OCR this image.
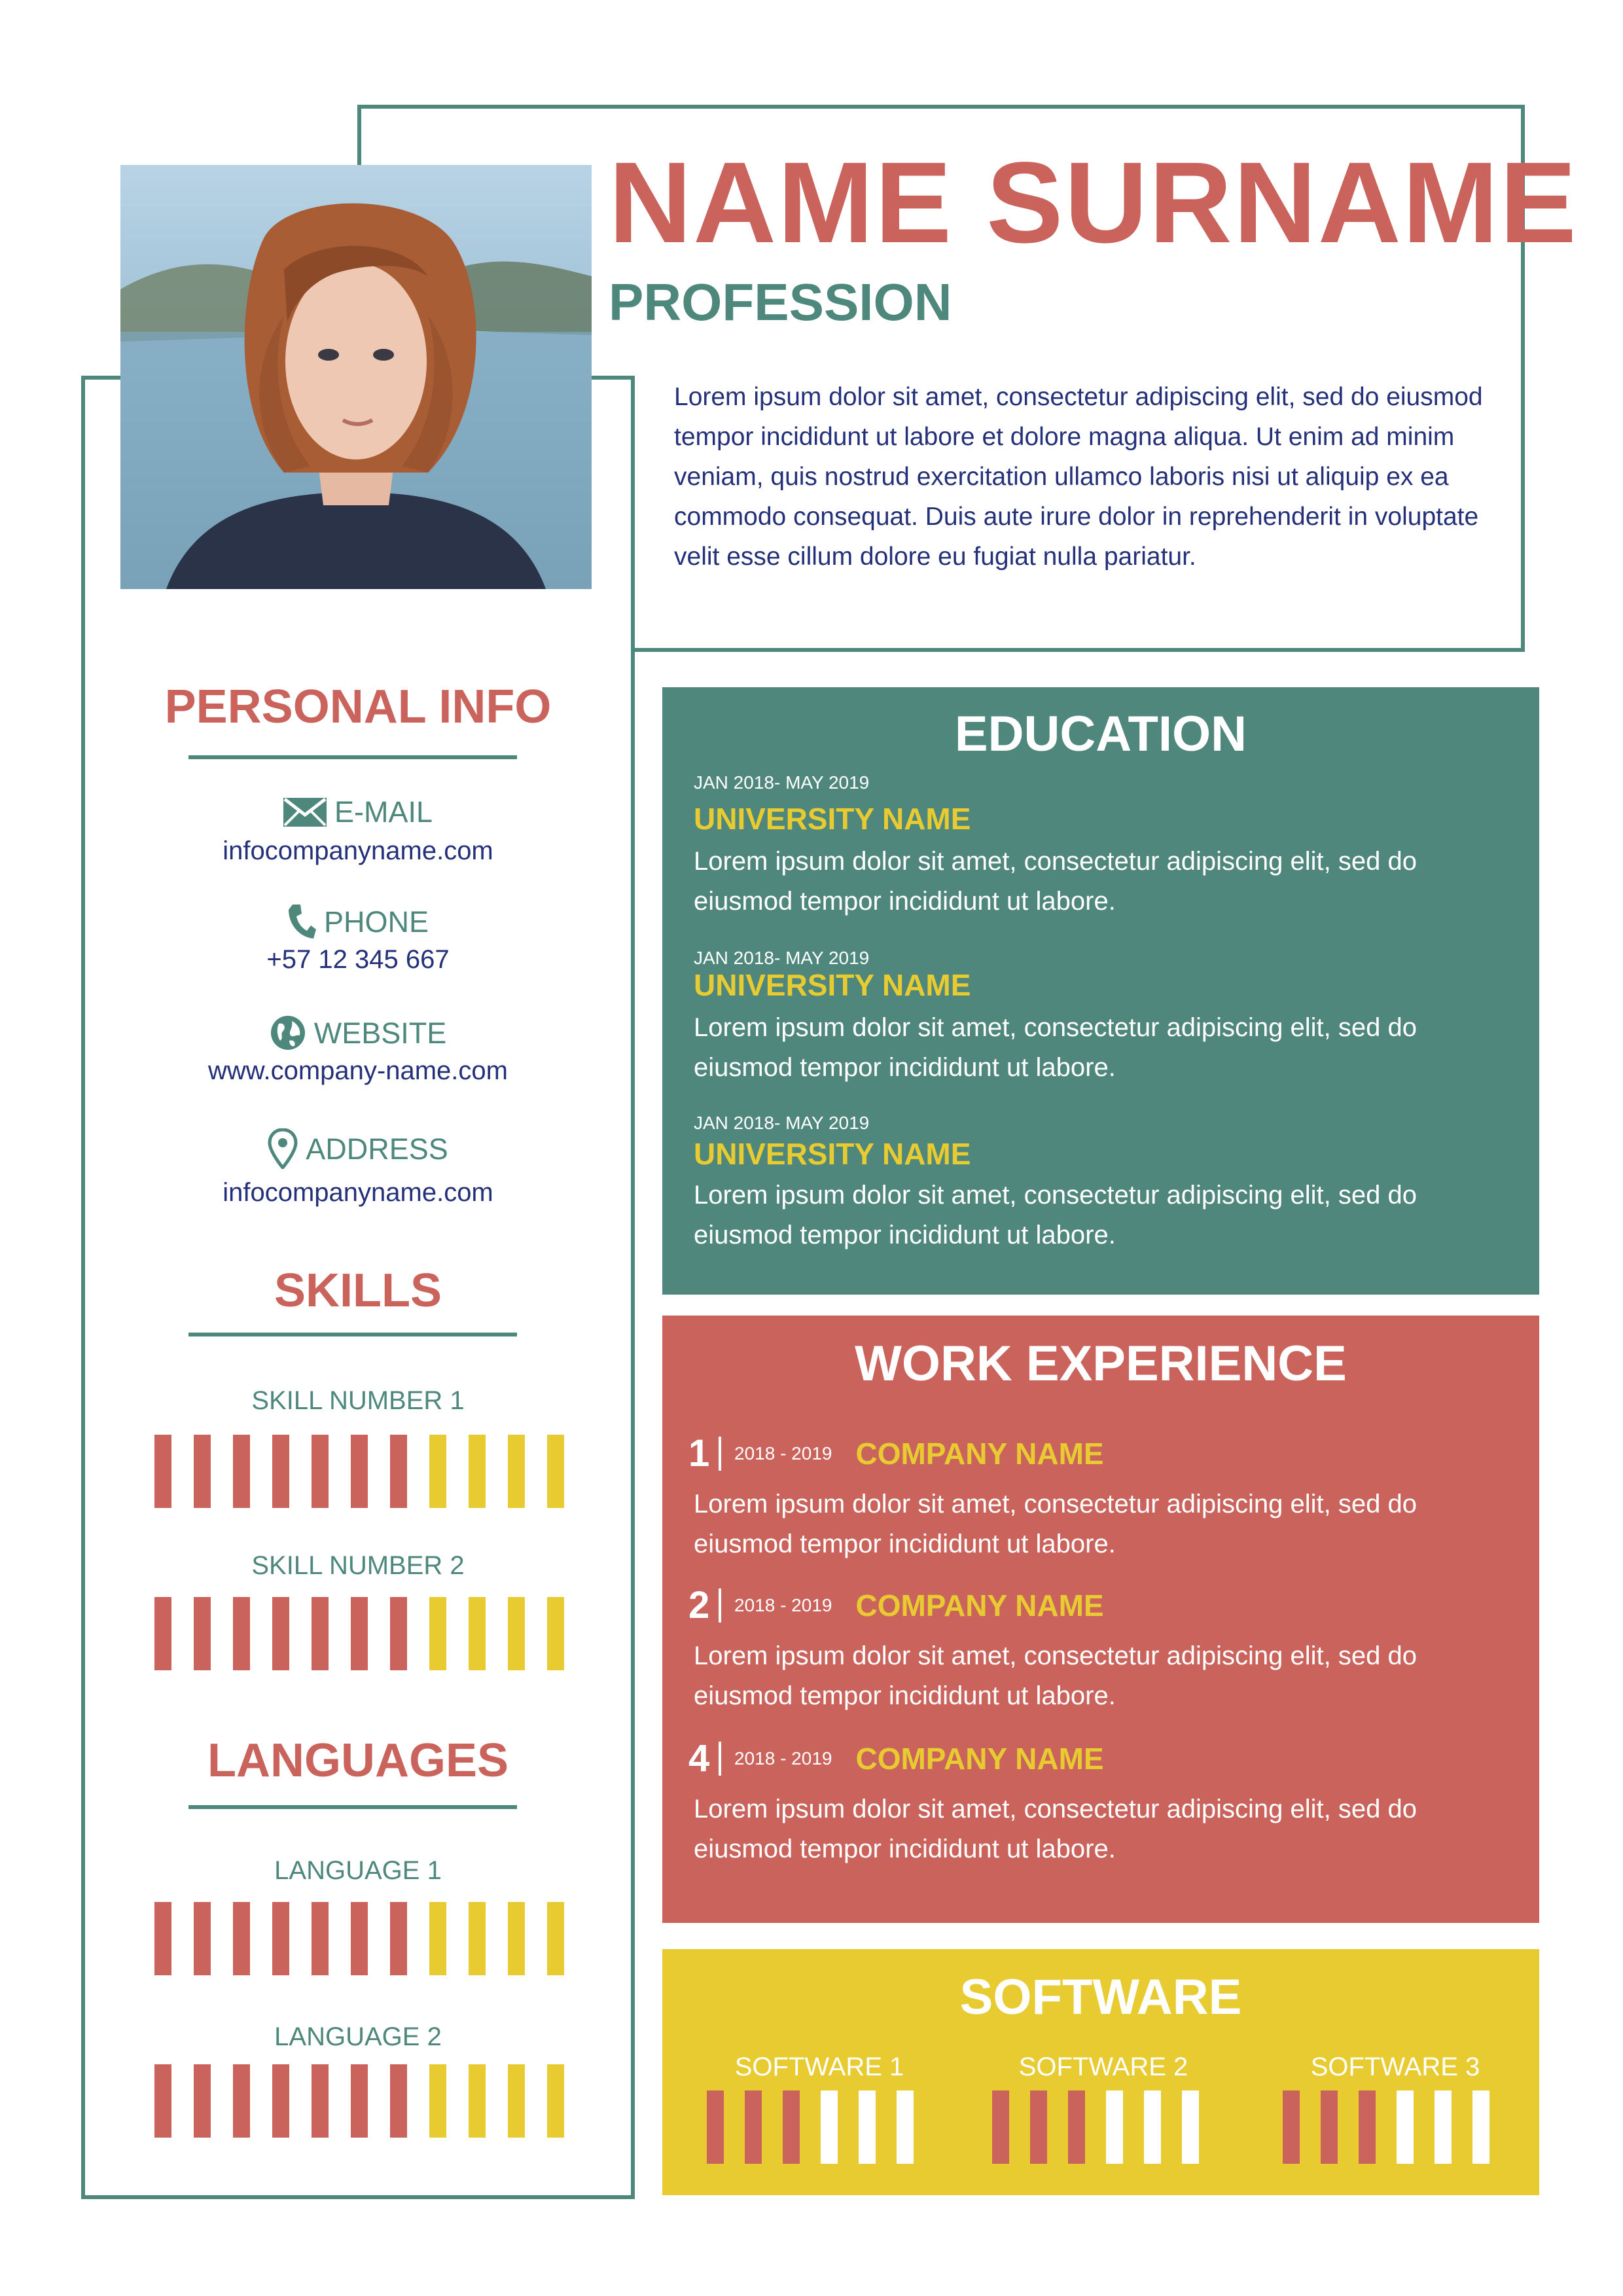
NAME SURNAME
PROFESSION
Lorem ipsum dolor sit amet, consectetur adipiscing elit, sed do eiusmod tempor incididunt ut labore et dolore magna aliqua. Ut enim ad minim veniam, quis nostrud exercitation ullamco laboris nisi ut aliquip ex ea commodo consequat. Duis aute irure dolor in reprehenderit in voluptate velit esse cillum dolore eu fugiat nulla pariatur.
PERSONAL INFO
E-MAIL
infocompanyname.com
PHONE
+57 12 345 667
WEBSITE
www.company-name.com
ADDRESS
infocompanyname.com
SKILLS
SKILL NUMBER 1
SKILL NUMBER 2
LANGUAGES
LANGUAGE 1
LANGUAGE 2
EDUCATION
JAN 2018- MAY 2019
UNIVERSITY NAME
Lorem ipsum dolor sit amet, consectetur adipiscing elit, sed do eiusmod tempor incididunt ut labore.
JAN 2018- MAY 2019
UNIVERSITY NAME
Lorem ipsum dolor sit amet, consectetur adipiscing elit, sed do eiusmod tempor incididunt ut labore.
JAN 2018- MAY 2019
UNIVERSITY NAME
Lorem ipsum dolor sit amet, consectetur adipiscing elit, sed do eiusmod tempor incididunt ut labore.
WORK EXPERIENCE
1 2018 - 2019 COMPANY NAME
Lorem ipsum dolor sit amet, consectetur adipiscing elit, sed do eiusmod tempor incididunt ut labore.
2 2018 - 2019 COMPANY NAME
Lorem ipsum dolor sit amet, consectetur adipiscing elit, sed do eiusmod tempor incididunt ut labore.
4 2018 - 2019 COMPANY NAME
Lorem ipsum dolor sit amet, consectetur adipiscing elit, sed do eiusmod tempor incididunt ut labore.
SOFTWARE
SOFTWARE 1	SOFTWARE 2	SOFTWARE 3
